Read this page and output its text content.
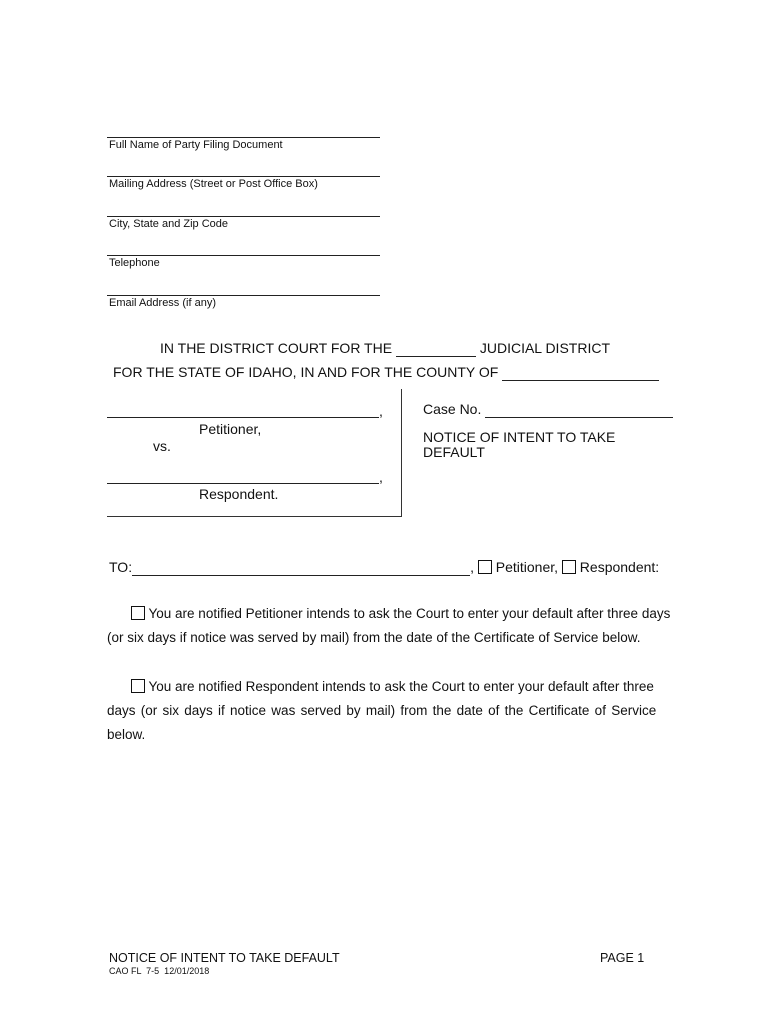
Full Name of Party Filing Document
Mailing Address (Street or Post Office Box)
City, State and Zip Code
Telephone
Email Address (if any)
IN THE DISTRICT COURT FOR THE	JUDICIAL DISTRICT
FOR THE STATE OF IDAHO, IN AND FOR THE COUNTY OF
,
Petitioner,
vs.
,
Respondent.
Case No.
NOTICE OF INTENT TO TAKE
DEFAULT
TO:	, Petitioner, Respondent:
You are notified Petitioner intends to ask the Court to enter your default after three days
(or six days if notice was served by mail) from the date of the Certificate of Service below.
You are notified Respondent intends to ask the Court to enter your default after three
days (or six days if notice was served by mail) from the date of the Certificate of Service
below.
NOTICE OF INTENT TO TAKE DEFAULT	PAGE 1
CAO FL  7-5  12/01/2018
